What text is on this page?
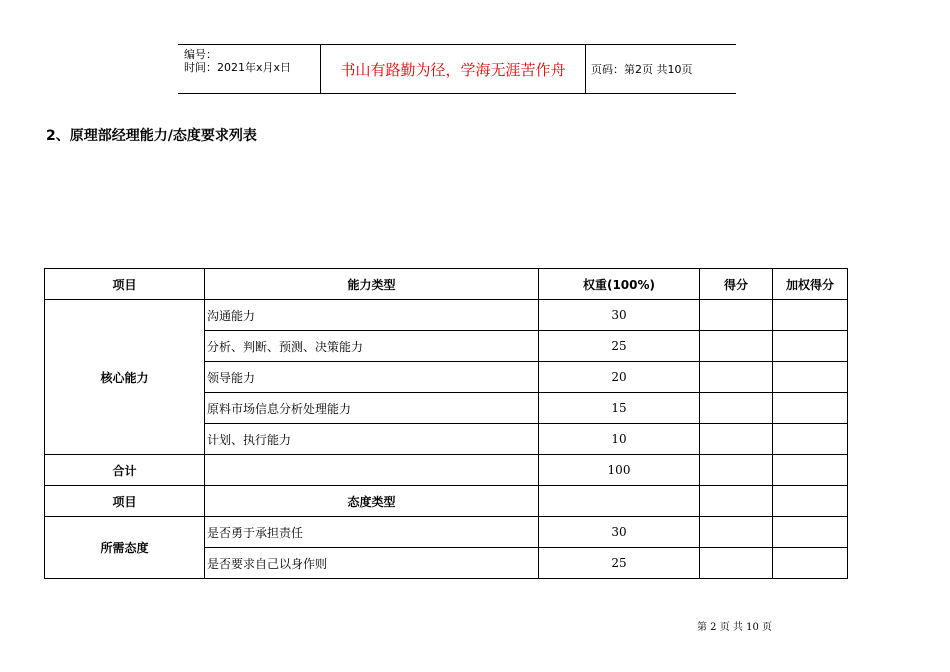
编号：
时间：2021年x月x日	书山有路勤为径，学海无涯苦作舟	页码：第2页 共10页
2、原理部经理能力/态度要求列表
项目	能力类型	权重(100%)	得分	加权得分
核心能力	沟通能力	30		
	分析、判断、预测、决策能力	25		
	领导能力	20		
	原料市场信息分析处理能力	15		
	计划、执行能力	10		
合计		100		
项目	态度类型			
所需态度	是否勇于承担责任	30		
	是否要求自己以身作则	25		
第 2 页 共 10 页
